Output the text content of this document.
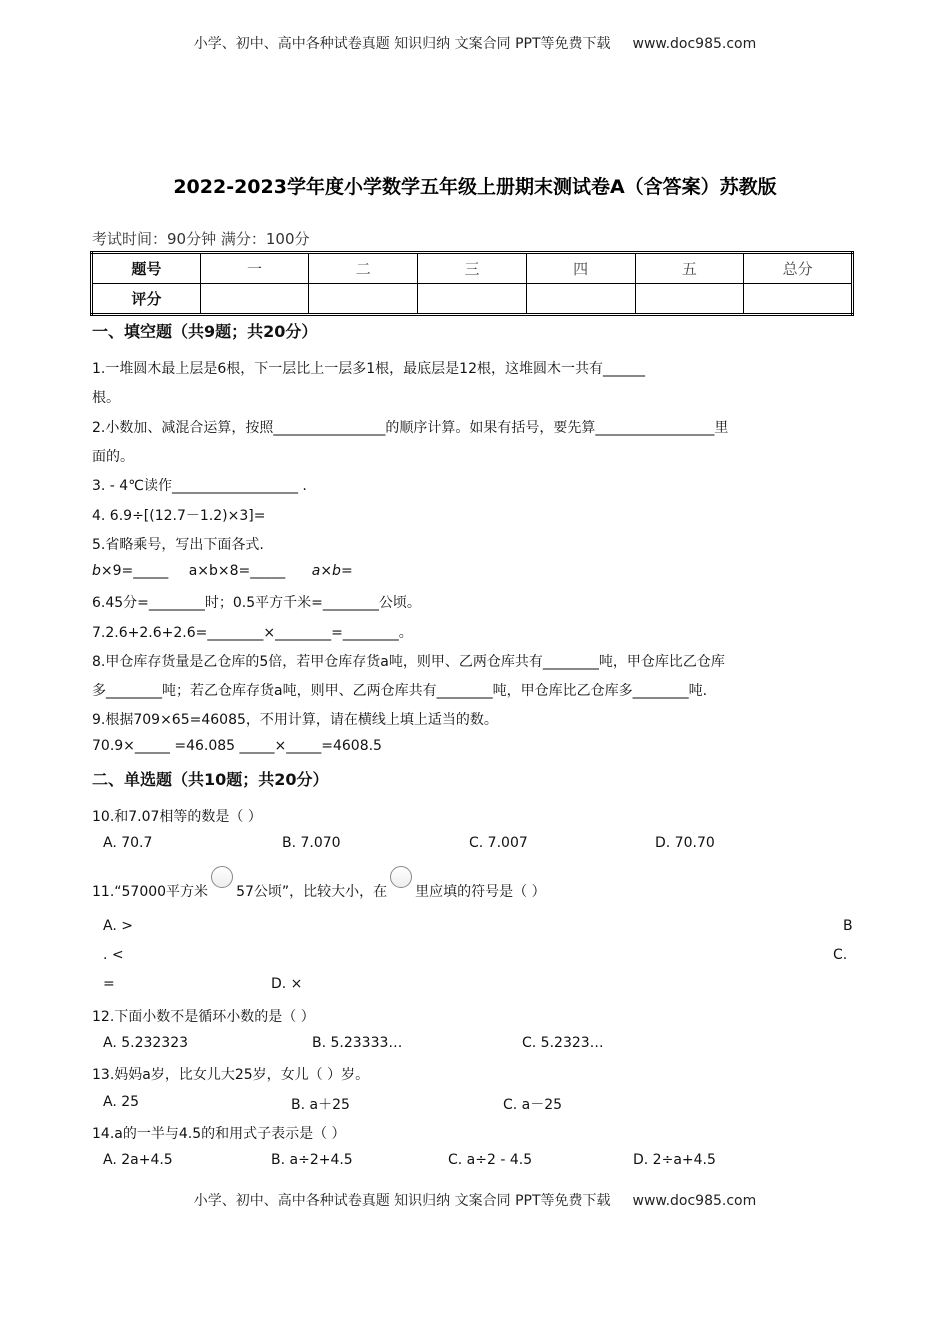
小学、初中、高中各种试卷真题 知识归纳 文案合同 PPT等免费下载 www.doc985.com
2022-2023学年度小学数学五年级上册期末测试卷A（含答案）苏教版
考试时间：90分钟 满分：100分
题号	一	二	三	四	五	总分
评分						
一、填空题（共9题；共20分）
1.一堆圆木最上层是6根，下一层比上一层多1根，最底层是12根，这堆圆木一共有______
根。
2.小数加、减混合运算，按照________________的顺序计算。如果有括号，要先算_________________里
面的。
3. - 4℃读作__________________ .
4. 6.9÷[(12.7－1.2)×3]=
5.省略乘号，写出下面各式.
b×9=_____ a×b×8=_____ a×b=
6.45分=________时；0.5平方千米=________公顷。
7.2.6+2.6+2.6=________×________=________。
8.甲仓库存货量是乙仓库的5倍，若甲仓库存货a吨，则甲、乙两仓库共有________吨，甲仓库比乙仓库
多________吨；若乙仓库存货a吨，则甲、乙两仓库共有________吨，甲仓库比乙仓库多________吨.
9.根据709×65=46085，不用计算，请在横线上填上适当的数。
70.9×_____ =46.085 _____×_____=4608.5
二、单选题（共10题；共20分）
10.和7.07相等的数是（ ）
A. 70.7	B. 7.070	C. 7.007	D. 70.70
11.“57000平方米 57公顷”，比较大小，在 里应填的符号是（ ）
A. >	B
. <	C.
=	D. ×
12.下面小数不是循环小数的是（ ）
A. 5.232323	B. 5.23333…	C. 5.2323…
13.妈妈a岁，比女儿大25岁，女儿（ ）岁。
A. 25	B. a＋25	C. a－25
14.a的一半与4.5的和用式子表示是（ ）
A. 2a+4.5	B. a÷2+4.5	C. a÷2 - 4.5	D. 2÷a+4.5
小学、初中、高中各种试卷真题 知识归纳 文案合同 PPT等免费下载 www.doc985.com
